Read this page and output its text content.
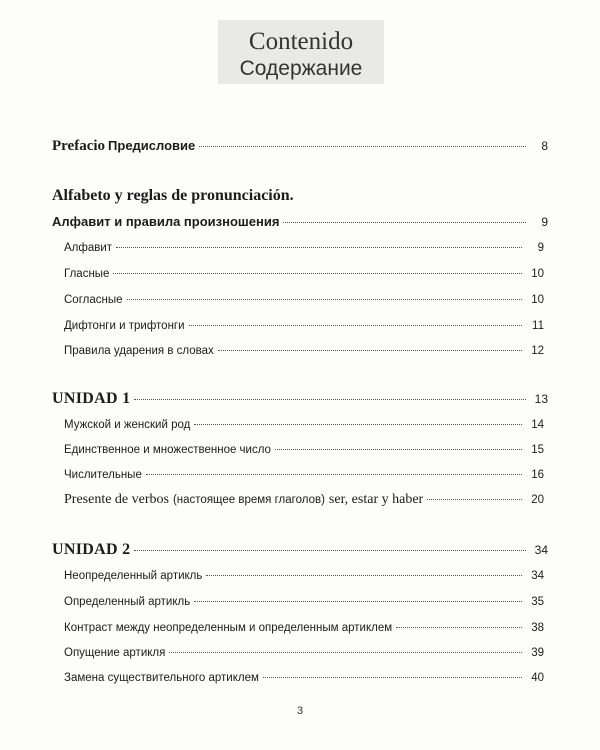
Contenido
Содержание
Prefacio Предисловие	8
Alfabeto y reglas de pronunciación.
Алфавит и правила произношения	9
Алфавит	9
Гласные	10
Согласные	10
Дифтонги и трифтонги	11
Правила ударения в словах	12
UNIDAD 1	13
Мужской и женский род	14
Единственное и множественное число	15
Числительные	16
Presente de verbos (настоящее время глаголов) ser, estar y haber	20
UNIDAD 2	34
Неопределенный артикль	34
Определенный артикль	35
Контраст между неопределенным и определенным артиклем	38
Опущение артикля	39
Замена существительного артиклем	40
3
